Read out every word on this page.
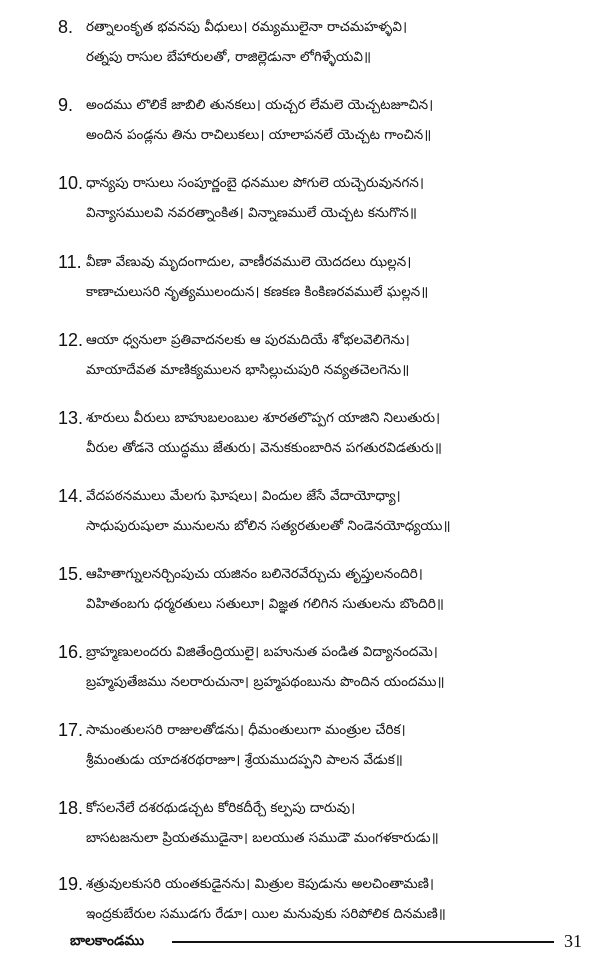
8. రత్నాలంకృత భవనపు వీధులు। రమ్యములైనా రాచమహళ్ళవి।
రత్నపు రాసుల బేహారులతో, రాజిల్లెడునా లోగిళ్ళేయవి॥
9. అందము లొలికే జాబిలి తునకలు। యచ్చర లేమలె యెచ్చటజూచిన।
అందిన పండ్లను తిను రాచిలుకలు। యాలాపనలే యెచ్చట గాంచిన॥
10. ధాన్యపు రాసులు సంపూర్ణంబై ధనముల పోగులె యచ్చెరువునగన।
విన్యాసములవి నవరత్నాంకిత। విన్నాణములే యెచ్చట కనుగొన॥
11. వీణా వేణువు మృదంగాదుల, వాణీరవములె యెదదలు ఝల్లన।
కాణాచులుసరి నృత్యములందున। కణకణ కింకిణరవములే ఘల్లన॥
12. ఆయా ధ్వనులా ప్రతివాదనలకు ఆ పురమదియే శోభలవెలిగెను।
మాయాదేవత మాణిక్యములన భాసిల్లుచుపురి నవ్యతచెలగెను॥
13. శూరులు వీరులు బాహుబలంబుల శూరతలొప్పగ యాజిని నిలుతురు।
వీరుల తోడనె యుద్ధము జేతురు। వెనుకకుంబారిన పగతురవిడతురు॥
14. వేదపఠనములు మేలగు ఘోషలు। విందుల జేసే వేదాయోధ్యా।
సాధుపురుషులా మునులను బోలిన సత్యరతులతో నిండెనయోధ్యయు॥
15. ఆహితాగ్నులనర్చింపుచు యజినం బలినెరవేర్చుచు తృప్తులనందిరి।
విహితంబగు ధర్మరతులు సతులూ। విజ్ఞత గలిగిన సుతులను బొందిరి॥
16. బ్రాహ్మణులందరు విజితేంద్రియులై। బహునుత పండిత విద్యానందమె।
బ్రహ్మపుతేజము నలరారుచునా। బ్రహ్మపథంబును పొందిన యందము॥
17. సామంతులసరి రాజులతోడను। ధీమంతులుగా మంత్రుల చేరిక।
శ్రీమంతుడు యాదశరథరాజూ। శ్రేయముదప్పని పాలన వేడుక॥
18. కోసలనేలే దశరథుడచ్చట కోరికదీర్చే కల్పపు దారువు।
బాసటజనులా ప్రియతముడైనా। బలయుత సముడౌ మంగళకారుడు॥
19. శత్రువులకుసరి యంతకుడైనను। మిత్రుల కెపుడును అలచింతామణి।
ఇంద్రకుబేరుల సముడగు రేడూ। యిల మనువుకు సరిపోలిక దినమణి॥
బాలకాండము	31
